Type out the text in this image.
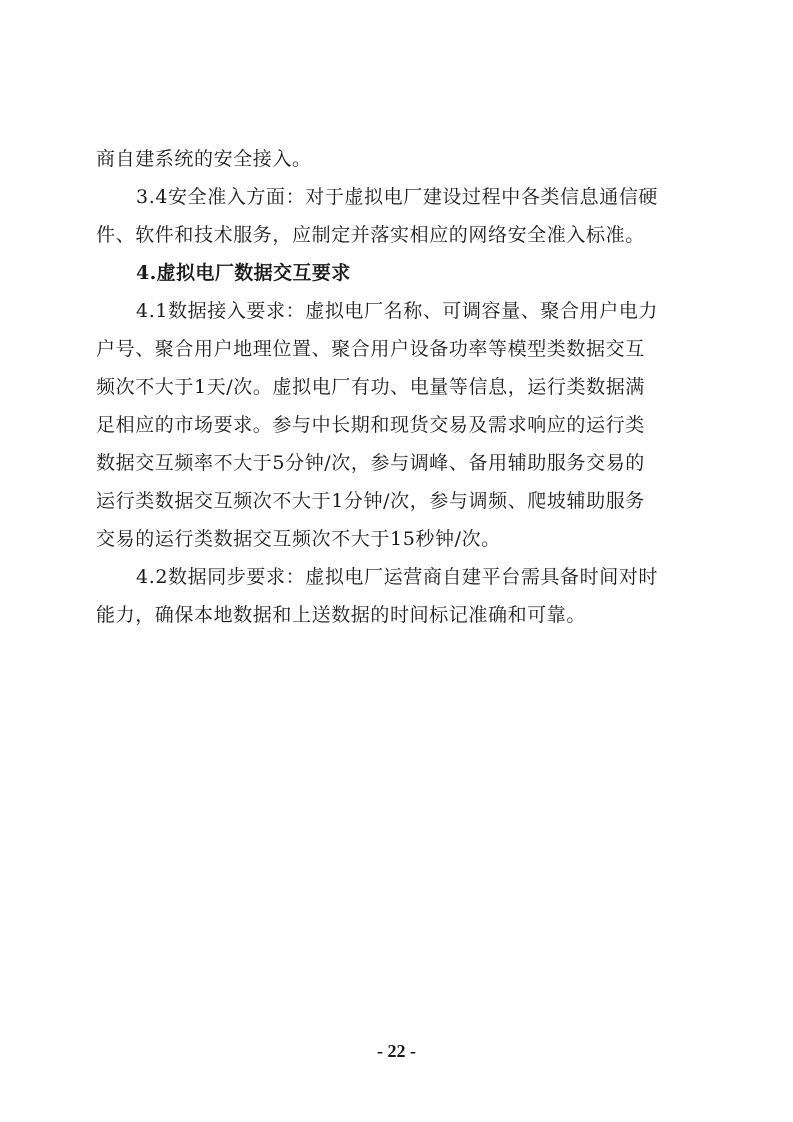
商自建系统的安全接入。
3.4安全准入方面：对于虚拟电厂建设过程中各类信息通信硬
件、软件和技术服务，应制定并落实相应的网络安全准入标准。
4.虚拟电厂数据交互要求
4.1数据接入要求：虚拟电厂名称、可调容量、聚合用户电力
户号、聚合用户地理位置、聚合用户设备功率等模型类数据交互
频次不大于1天/次。虚拟电厂有功、电量等信息，运行类数据满
足相应的市场要求。参与中长期和现货交易及需求响应的运行类
数据交互频率不大于5分钟/次，参与调峰、备用辅助服务交易的
运行类数据交互频次不大于1分钟/次，参与调频、爬坡辅助服务
交易的运行类数据交互频次不大于15秒钟/次。
4.2数据同步要求：虚拟电厂运营商自建平台需具备时间对时
能力，确保本地数据和上送数据的时间标记准确和可靠。
- 22 -
